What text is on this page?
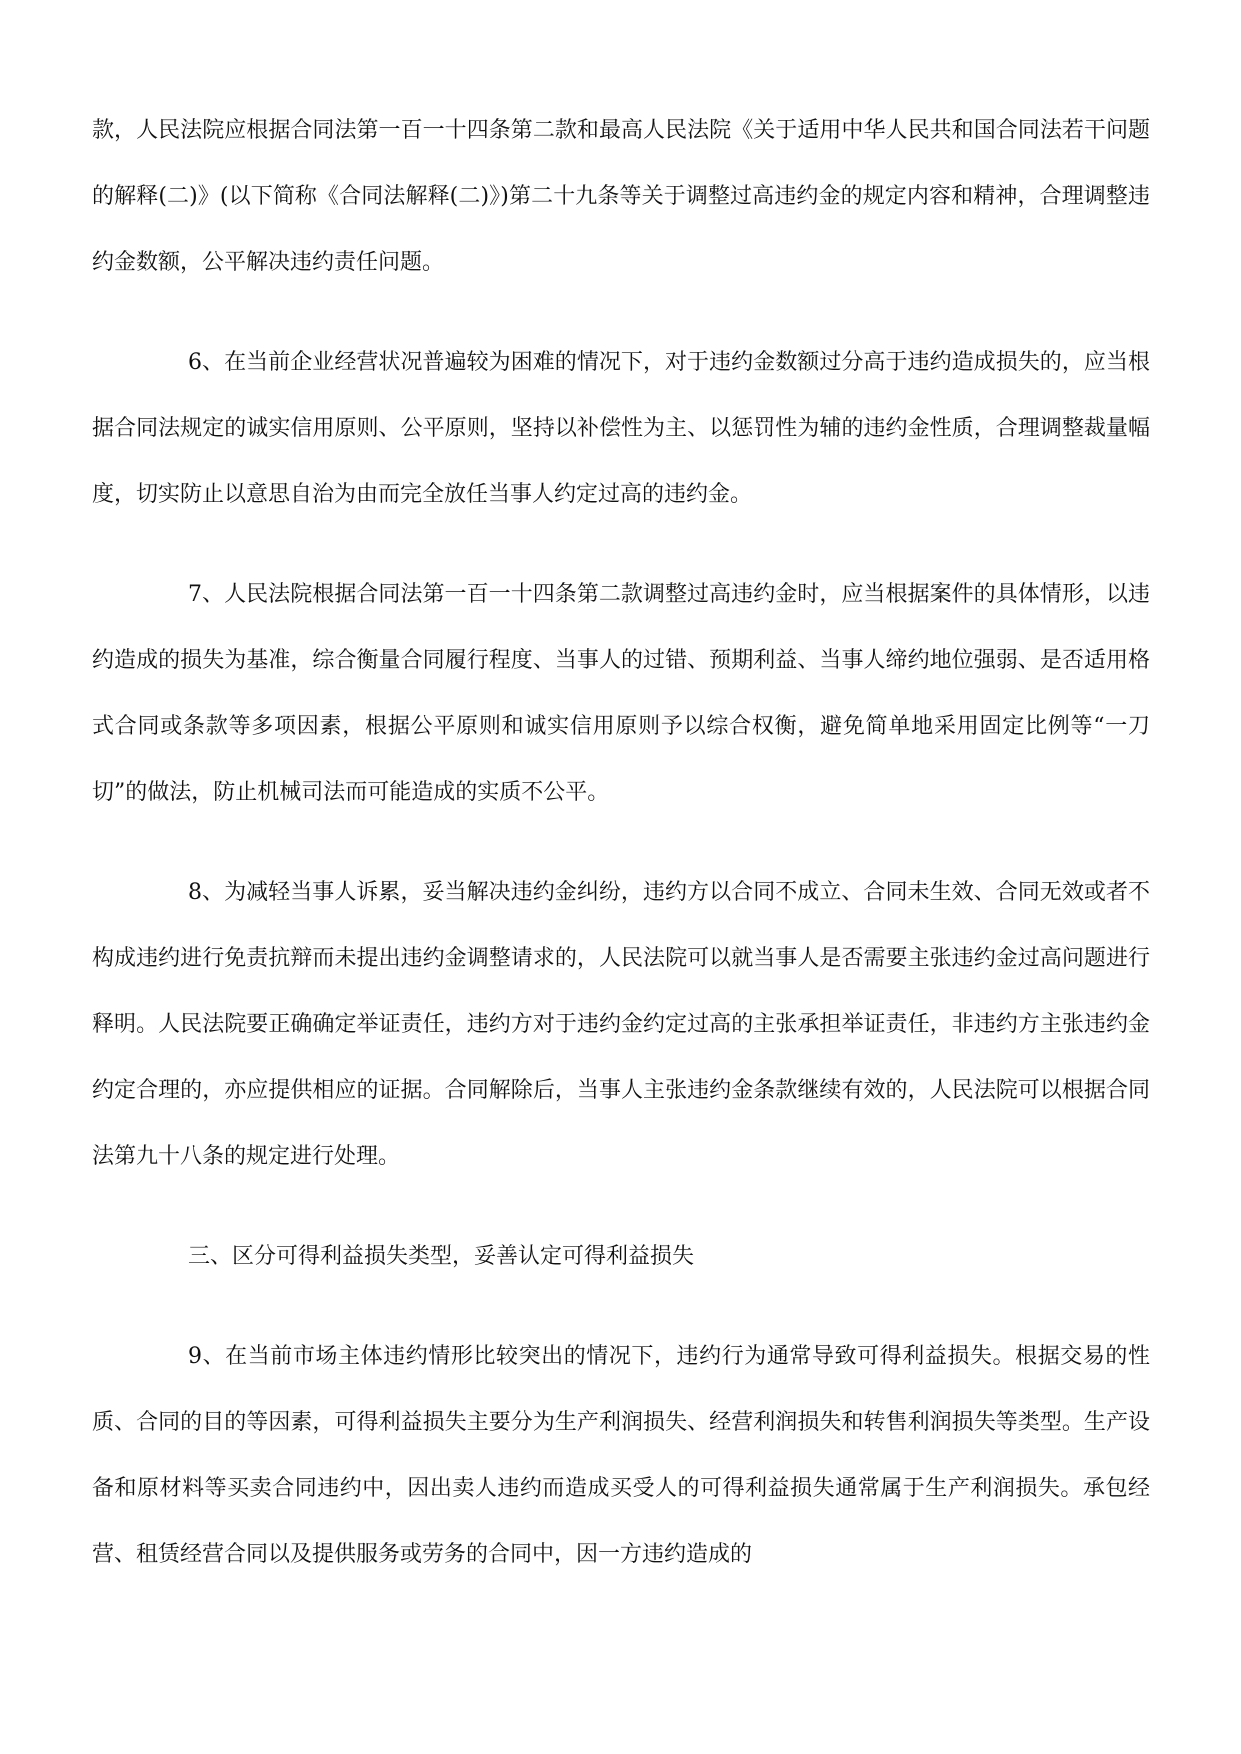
款，人民法院应根据合同法第一百一十四条第二款和最高人民法院《关于适用中华人民共和国合同法若干问题的解释(二)》(以下简称《合同法解释(二)》)第二十九条等关于调整过高违约金的规定内容和精神，合理调整违约金数额，公平解决违约责任问题。

6、在当前企业经营状况普遍较为困难的情况下，对于违约金数额过分高于违约造成损失的，应当根据合同法规定的诚实信用原则、公平原则，坚持以补偿性为主、以惩罚性为辅的违约金性质，合理调整裁量幅度，切实防止以意思自治为由而完全放任当事人约定过高的违约金。

7、人民法院根据合同法第一百一十四条第二款调整过高违约金时，应当根据案件的具体情形，以违约造成的损失为基准，综合衡量合同履行程度、当事人的过错、预期利益、当事人缔约地位强弱、是否适用格式合同或条款等多项因素，根据公平原则和诚实信用原则予以综合权衡，避免简单地采用固定比例等“一刀切”的做法，防止机械司法而可能造成的实质不公平。

8、为减轻当事人诉累，妥当解决违约金纠纷，违约方以合同不成立、合同未生效、合同无效或者不构成违约进行免责抗辩而未提出违约金调整请求的，人民法院可以就当事人是否需要主张违约金过高问题进行释明。人民法院要正确确定举证责任，违约方对于违约金约定过高的主张承担举证责任，非违约方主张违约金约定合理的，亦应提供相应的证据。合同解除后，当事人主张违约金条款继续有效的，人民法院可以根据合同法第九十八条的规定进行处理。

三、区分可得利益损失类型，妥善认定可得利益损失

9、在当前市场主体违约情形比较突出的情况下，违约行为通常导致可得利益损失。根据交易的性质、合同的目的等因素，可得利益损失主要分为生产利润损失、经营利润损失和转售利润损失等类型。生产设备和原材料等买卖合同违约中，因出卖人违约而造成买受人的可得利益损失通常属于生产利润损失。承包经营、租赁经营合同以及提供服务或劳务的合同中，因一方违约造成的
